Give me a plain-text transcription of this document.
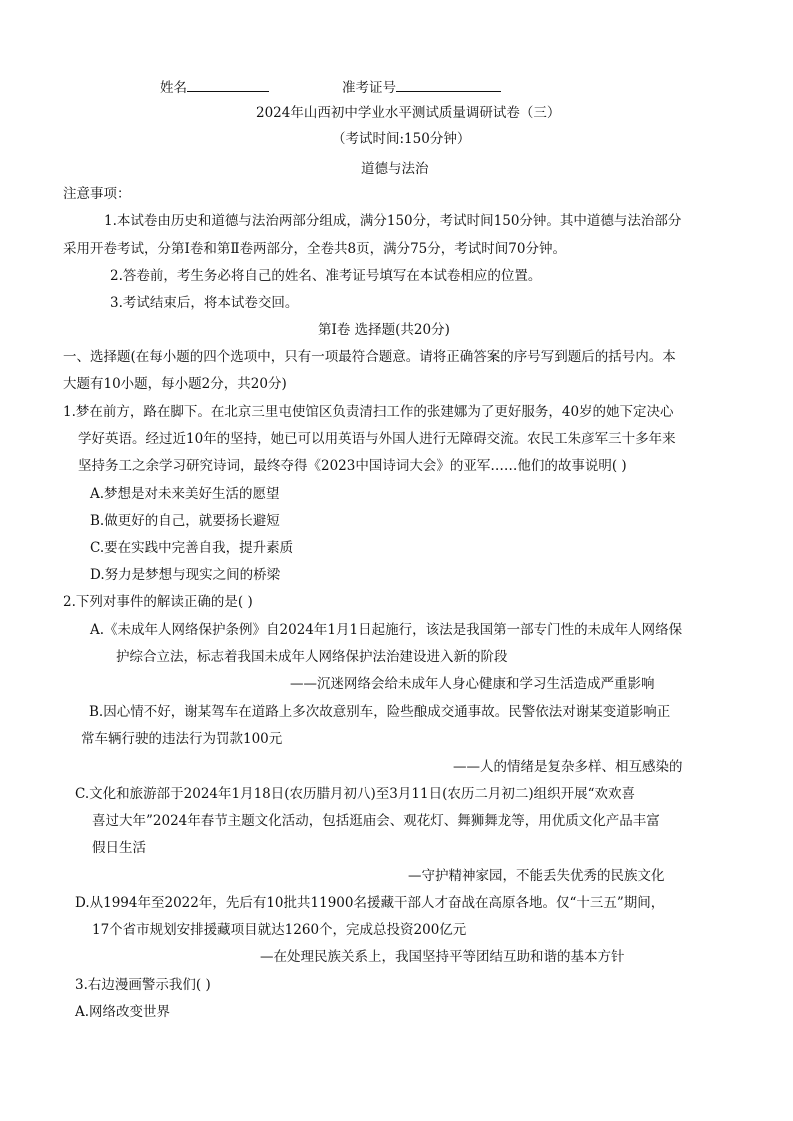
姓名	准考证号
2024年山西初中学业水平测试质量调研试卷（三）
（考试时间:150分钟）
道德与法治
注意事项：
1.本试卷由历史和道德与法治两部分组成，满分150分，考试时间150分钟。其中道德与法治部分
采用开卷考试，分第Ⅰ卷和第Ⅱ卷两部分，全卷共8页，满分75分，考试时间70分钟。
2.答卷前，考生务必将自己的姓名、准考证号填写在本试卷相应的位置。
3.考试结束后，将本试卷交回。
第Ⅰ卷 选择题(共20分)
一、选择题(在每小题的四个选项中，只有一项最符合题意。请将正确答案的序号写到题后的括号内。本
大题有10小题，每小题2分，共20分)
1.梦在前方，路在脚下。在北京三里屯使馆区负责清扫工作的张建娜为了更好服务，40岁的她下定决心
学好英语。经过近10年的坚持，她已可以用英语与外国人进行无障碍交流。农民工朱彦军三十多年来
坚持务工之余学习研究诗词，最终夺得《2023中国诗词大会》的亚军……他们的故事说明( )
A.梦想是对未来美好生活的愿望
B.做更好的自己，就要扬长避短
C.要在实践中完善自我，提升素质
D.努力是梦想与现实之间的桥梁
2.下列对事件的解读正确的是( )
A.《未成年人网络保护条例》自2024年1月1日起施行，该法是我国第一部专门性的未成年人网络保
护综合立法，标志着我国未成年人网络保护法治建设进入新的阶段
——沉迷网络会给未成年人身心健康和学习生活造成严重影响
B.因心情不好，谢某驾车在道路上多次故意别车，险些酿成交通事故。民警依法对谢某变道影响正
常车辆行驶的违法行为罚款100元
——人的情绪是复杂多样、相互感染的
C.文化和旅游部于2024年1月18日(农历腊月初八)至3月11日(农历二月初二)组织开展“欢欢喜
喜过大年”2024年春节主题文化活动，包括逛庙会、观花灯、舞狮舞龙等，用优质文化产品丰富
假日生活
—守护精神家园，不能丢失优秀的民族文化
D.从1994年至2022年，先后有10批共11900名援藏干部人才奋战在高原各地。仅“十三五”期间，
17个省市规划安排援藏项目就达1260个，完成总投资200亿元
—在处理民族关系上，我国坚持平等团结互助和谐的基本方针
3.右边漫画警示我们( )
A.网络改变世界
